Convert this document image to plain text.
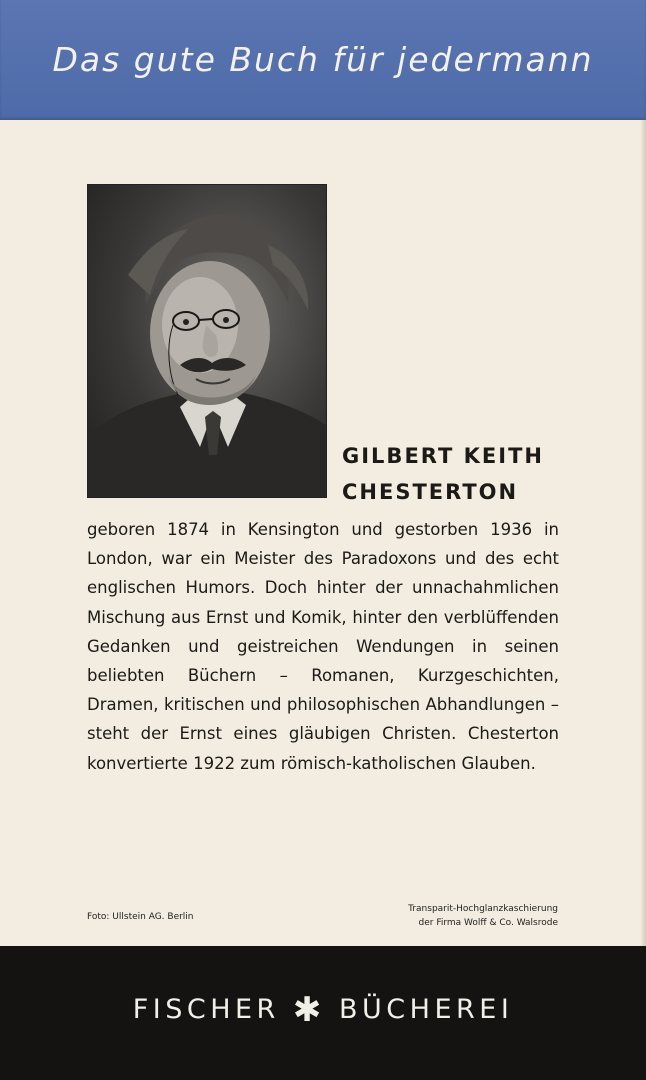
Das gute Buch für jedermann
GILBERT KEITH
CHESTERTON
geboren 1874 in Kensington und gestorben 1936 in London, war ein Meister des Paradoxons und des echt englischen Humors. Doch hinter der unnachahmlichen Mischung aus Ernst und Komik, hinter den verblüffenden Gedanken und geistreichen Wendungen in seinen beliebten Büchern – Romanen, Kurzgeschichten, Dramen, kritischen und philosophischen Abhandlungen – steht der Ernst eines gläubigen Christen. Chesterton konvertierte 1922 zum römisch-katholischen Glauben.
Foto: Ullstein AG. Berlin
Transparit-Hochglanzkaschierung
der Firma Wolff & Co. Walsrode
FISCHER ✱ BÜCHEREI
